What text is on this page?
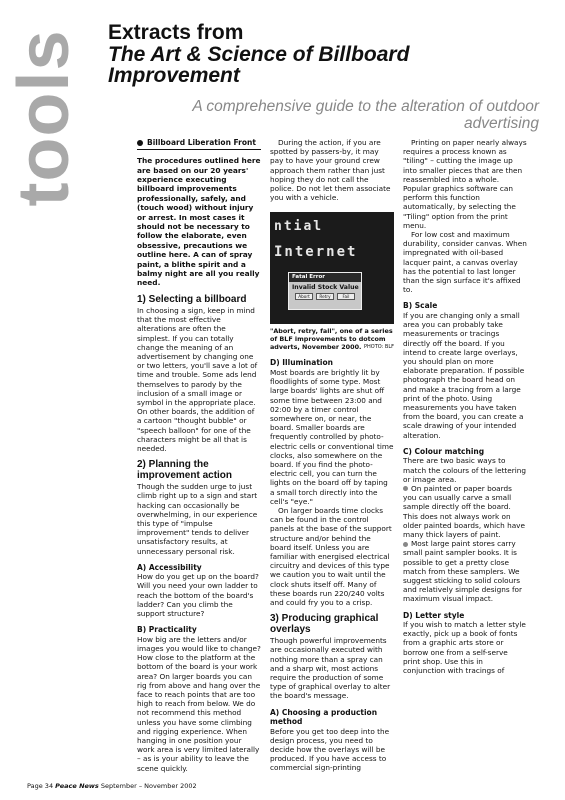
tools Extracts from
The Art & Science of Billboard Improvement
A comprehensive guide to the alteration of outdoor advertising
Billboard Liberation Front

The procedures outlined here are based on our 20 years' experience executing billboard improvements professionally, safely, and (touch wood) without injury or arrest. In most cases it should not be necessary to follow the elaborate, even obsessive, precautions we outline here. A can of spray paint, a blithe spirit and a balmy night are all you really need.

1) Selecting a billboard

In choosing a sign, keep in mind that the most effective alterations are often the simplest. If you can totally change the meaning of an advertisement by changing one or two letters, you'll save a lot of time and trouble. Some ads lend themselves to parody by the inclusion of a small image or symbol in the appropriate place. On other boards, the addition of a cartoon "thought bubble" or "speech balloon" for one of the characters might be all that is needed.

2) Planning the improvement action

Though the sudden urge to just climb right up to a sign and start hacking can occasionally be overwhelming, in our experience this type of "impulse improvement" tends to deliver unsatisfactory results, at unnecessary personal risk.

A) Accessibility

How do you get up on the board? Will you need your own ladder to reach the bottom of the board's ladder? Can you climb the support structure?

B) Practicality

How big are the letters and/or images you would like to change? How close to the platform at the bottom of the board is your work area? On larger boards you can rig from above and hang over the face to reach points that are too high to reach from below. We do not recommend this method unless you have some climbing and rigging experience. When hanging in one position your work area is very limited laterally – as is your ability to leave the scene quickly.

During the action, if you are spotted by passers-by, it may pay to have your ground crew approach them rather than just hoping they do not call the police. Do not let them associate you with a vehicle.

ntial
Internet
Fatal Error
Invalid Stock Value
Abort	Retry	Fail

"Abort, retry, fail", one of a series of BLF improvements to dotcom adverts, November 2000. PHOTO: BLF

D) Illumination

Most boards are brightly lit by floodlights of some type. Most large boards' lights are shut off some time between 23:00 and 02:00 by a timer control somewhere on, or near, the board. Smaller boards are frequently controlled by photo-electric cells or conventional time clocks, also somewhere on the board. If you find the photo-electric cell, you can turn the lights on the board off by taping a small torch directly into the cell's "eye."

On larger boards time clocks can be found in the control panels at the base of the support structure and/or behind the board itself. Unless you are familiar with energised electrical circuitry and devices of this type we caution you to wait until the clock shuts itself off. Many of these boards run 220/240 volts and could fry you to a crisp.

3) Producing graphical overlays

Though powerful improvements are occasionally executed with nothing more than a spray can and a sharp wit, most actions require the production of some type of graphical overlay to alter the board's message.

A) Choosing a production method

Before you get too deep into the design process, you need to decide how the overlays will be produced. If you have access to commercial sign-printing

Printing on paper nearly always requires a process known as "tiling" – cutting the image up into smaller pieces that are then reassembled into a whole. Popular graphics software can perform this function automatically, by selecting the "Tiling" option from the print menu.

For low cost and maximum durability, consider canvas. When impregnated with oil-based lacquer paint, a canvas overlay has the potential to last longer than the sign surface it's affixed to.

B) Scale

If you are changing only a small area you can probably take measurements or tracings directly off the board. If you intend to create large overlays, you should plan on more elaborate preparation. If possible photograph the board head on and make a tracing from a large print of the photo. Using measurements you have taken from the board, you can create a scale drawing of your intended alteration.

C) Colour matching

There are two basic ways to match the colours of the lettering or image area.

On painted or paper boards you can usually carve a small sample directly off the board. This does not always work on older painted boards, which have many thick layers of paint.

Most large paint stores carry small paint sampler books. It is possible to get a pretty close match from these samplers. We suggest sticking to solid colours and relatively simple designs for maximum visual impact.

D) Letter style

If you wish to match a letter style exactly, pick up a book of fonts from a graphic arts store or borrow one from a self-serve print shop. Use this in conjunction with tracings of

Page 34 Peace News September – November 2002
